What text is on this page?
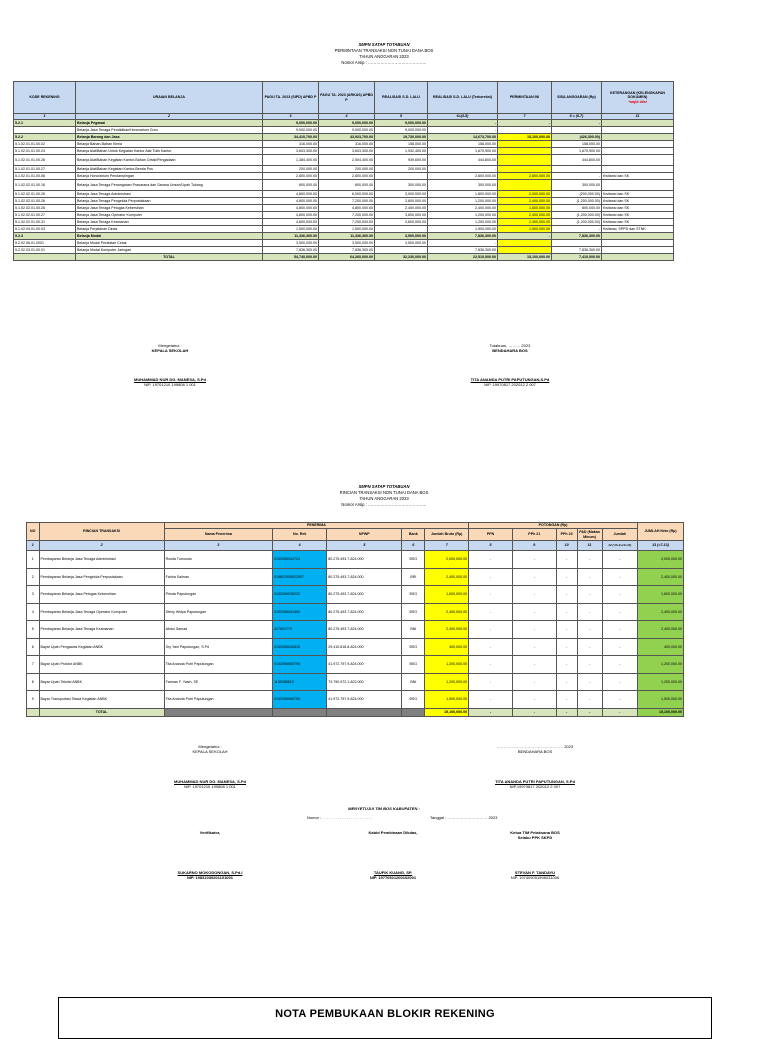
SMPN SATAP TOTABUAN
PERMINTAAN TRANSAKSI NON TUNAI DANA BOS
TAHUN ANGGARAN 2023
Nomor Arsip : ……………………………………
KODE REKENING	URAIAN BELANJA	PAGU TA. 2023 (SIPD) APBD P	PAGU TA. 2023 (ARKAS) APBD P	REALISASI S.D. LALU	REALISASI S.D. LALU (Terkoreksi)	PERMINTAAN INI	SISA ANGGARAN (Rp)	KETERANGAN (KELENGKAPAN DOKUMEN)
*wajib diisi
1	2	3	4	5	6=(3-5)	7	8 = (6-7)	11
5.2.1	Belanja Pegawai	9,000,000.00	9,000,000.00	9,000,000.00	-	-	-	
	Belanja Jasa Tenaga Pendidikan/Honorarium Guru	9,000,000.00	9,000,000.00	9,000,000.00	-			
5.2.2	Belanja Barang dan Jasa	34,410,700.00	43,923,700.00	19,730,000.00	14,673,700.00	15,100,000.00	(426,300.00)	
5.1.02.01.01.00.02	Belanja Bahan-Bahan Kimia	316,000.00	316,000.00	158,000.00	158,000.00		158,000.00	
5.1.02.01.01.00.24	Belanja Alat/Bahan Untuk Kegiatan Kantor Alat Tulis Kantor	3,603,300.00	3,603,300.00	1,932,400.00	1,670,900.00		1,670,900.00	
5.1.02.01.01.00.26	Belanja Alat/Bahan Kegiatan Kantor-Bahan Cetak/Pengadaan	1,384,400.00	2,504,400.00	939,600.00	444,800.00		444,800.00	
5.1.02.01.01.00.27	Belanja Alat/Bahan Kegiatan Kantor-Benda Pos	200,000.00	200,000.00	200,000.00	-			
5.1.02.01.01.00.06	Belanja Honorarium Pendampingan	2,800,000.00	2,800,000.00		2,800,000.00	2,800,000.00	-	Kwitansi dan SK
5.1.02.02.01.00.16	Belanja Jasa Tenaga Penanganan Prasarana dan Sarana Umum/Upah Tukang	600,000.00	600,000.00	300,000.00	300,000.00		300,000.00	
5.1.02.02.01.00.26	Belanja Jasa Tenaga Administrasi	4,800,000.00	6,000,000.00	3,000,000.00	1,800,000.00	2,000,000.00	(200,000.00)	Kwitansi dan SK
5.1.02.02.01.00.26	Belanja Jasa Tenaga Pengelola Perpustakaan	4,800,000.00	7,200,000.00	3,600,000.00	1,200,000.00	2,400,000.00	(1,200,000.00)	Kwitansi dan SK
5.1.02.02.01.00.26	Belanja Jasa Tenaga Petugas Kebersihan	4,800,000.00	4,800,000.00	2,400,000.00	2,400,000.00	1,600,000.00	800,000.00	Kwitansi dan SK
5.1.02.02.01.00.27	Belanja Jasa Tenaga Operator Komputer	4,800,000.00	7,200,000.00	3,600,000.00	1,200,000.00	2,400,000.00	(1,200,000.00)	Kwitansi dan SK
5.1.02.02.01.00.31	Belanja Jasa Tenaga Keamanan	4,800,000.00	7,200,000.00	3,600,000.00	1,200,000.00	2,400,000.00	(1,200,000.00)	Kwitansi dan SK
5.1.02.04.01.00.03	Belanja Perjalanan Dinas	1,500,000.00	1,500,000.00		1,500,000.00	1,500,000.00	-	Kwitansi, SPPD dan STNK
5.2.3	Belanja Modal	11,336,300.00	11,336,300.00	3,500,000.00	7,836,300.00	-	7,836,300.00	
5.2.02.06.01.0001	Belanja Modal Peralatan Cetak	3,500,000.00	3,500,000.00	3,500,000.00	-			
5.2.02.03.01.00.01	Belanja Modal Komputer Jaringan	7,836,300.00	7,836,300.00		7,836,300.00		7,836,300.00	
	TOTAL	54,740,000.00	64,260,000.00	32,230,000.00	22,510,000.00	15,100,000.00	7,410,000.00	
Mengetahui :
KEPALA SEKOLAH
MUHAMMAD NUR DG. MANESA, S.Pd
NIP. 19701210 199808 1 001
Totabuan, ……… 2023
BENDAHARA BOS
TITA ANANDA PUTRI PAPUTUNGAN,S.Pd
NIP. 19970817 202012 2 007
SMPN SATAP TOTABUAN
RINCIAN TRANSAKSI NON TUNAI DANA BOS
TAHUN ANGGARAN 2023
Nomor Arsip : ……………………………………
NO	RINCIAN TRANSAKSI	PENERIMA					POTONGAN (Rp)					JUMLAH Neto (Rp)
		Nama Penerima	No. Rek	NPWP	Bank	Jumlah Bruto (Rp)	PPN	PPh 21	PPh 23	PAD (Makan Minum)	Jumlah	
1	2	3	4	5	6	7	8	9	10	11	12 (=8+9+10+11)	13 (=7-13)
1	Pembayaran Belanja Jasa Tenaga Administrasi	Rosita Tumundo	0102006041724	80.275.493.7-824.000	BSG	2,000,000.00	-	-	-	-	-	2,000,000.00
2	Pembayaran Belanja Jasa Pengelola Perpustakaan	Fahira Salman	018801005522507	80.275.493.7-824.000	BRI	2,400,000.00	-	-	-	-	-	2,400,000.00
3	Pembayaran Belanja Jasa Petugas Kebersihan	Prisda Paputungan	0102006036222	80.275.493.7-824.000	BSG	1,600,000.00	-	-	-	-	-	1,600,000.00
4	Pembayaran Belanja Jasa Tenaga Operator Komputer	Steny Widya Paputungan	0102006041492	80.275.493.7-824.000	BSG	2,400,000.00	-	-	-	-	-	2,400,000.00
5	Pembayaran Belanja Jasa Tenaga Keamanan	Abdul Samad	427601779	80.275.493.7-824.000	BNI	2,400,000.00	-	-	-	-	-	2,400,000.00
6	Bayar Upah Pengawas Kegiatan ANBK	Sry Yani Paputungan, S.Pd	0102006042815	29.410.818.8-824.000	BSG	400,000.00	-	-	-	-	-	400,000.00
7	Bayar Upah Proktor ANBK	Tita Ananda Putri Paputungan	0102006060796	41.972.797.9-824.000	BSG	1,200,000.00	-	-	-	-	-	1,200,000.00
8	Bayar Upah Teknisi ANBK	Farman F. Yasin, SE	1130388610	73.790.972.1-822.000	BNI	1,200,000.00	-	-	-	-	-	1,200,000.00
9	Bayar Transportasi Siswa Kegiatan ANBK	Tita Ananda Putri Paputungan	0102006060796	41.972.797.9-824.000	BSG	1,500,000.00	-	-	-	-	-	1,500,000.00
	TOTAL					15,100,000.00	-	-	-	-	-	15,100,000.00
Mengetahui :
KEPALA SEKOLAH
MUHAMMAD NUR DG. MANESA, S.Pd
NIP. 19701210 199808 1 001
………………………, ………………… 2023
BENDAHARA BOS
TITA ANANDA PUTRI PAPUTUNGAN, S.Pd
NIP.19970817 202012 2 007
MENYETUJUI TIM BOS KABUPATEN :
Nomor : . . . . . . . . . . . . . . . . . . . . . . .	Tanggal : ………………………… 2023
Verifikator,	Kabid Pembinaan Dikdas,	Ketua TIM Pelaksana BOS
Selaku PPK SKPD
SUKARNO MOKODONGAN, S.Pd.I
NIP. 19831030201101001
TAUFIK KUANG, SP.
NIP. 19770521200102001
STEVAN F. TANDAYU
NIP. 197409051998031006
NOTA PEMBUKAAN BLOKIR REKENING
